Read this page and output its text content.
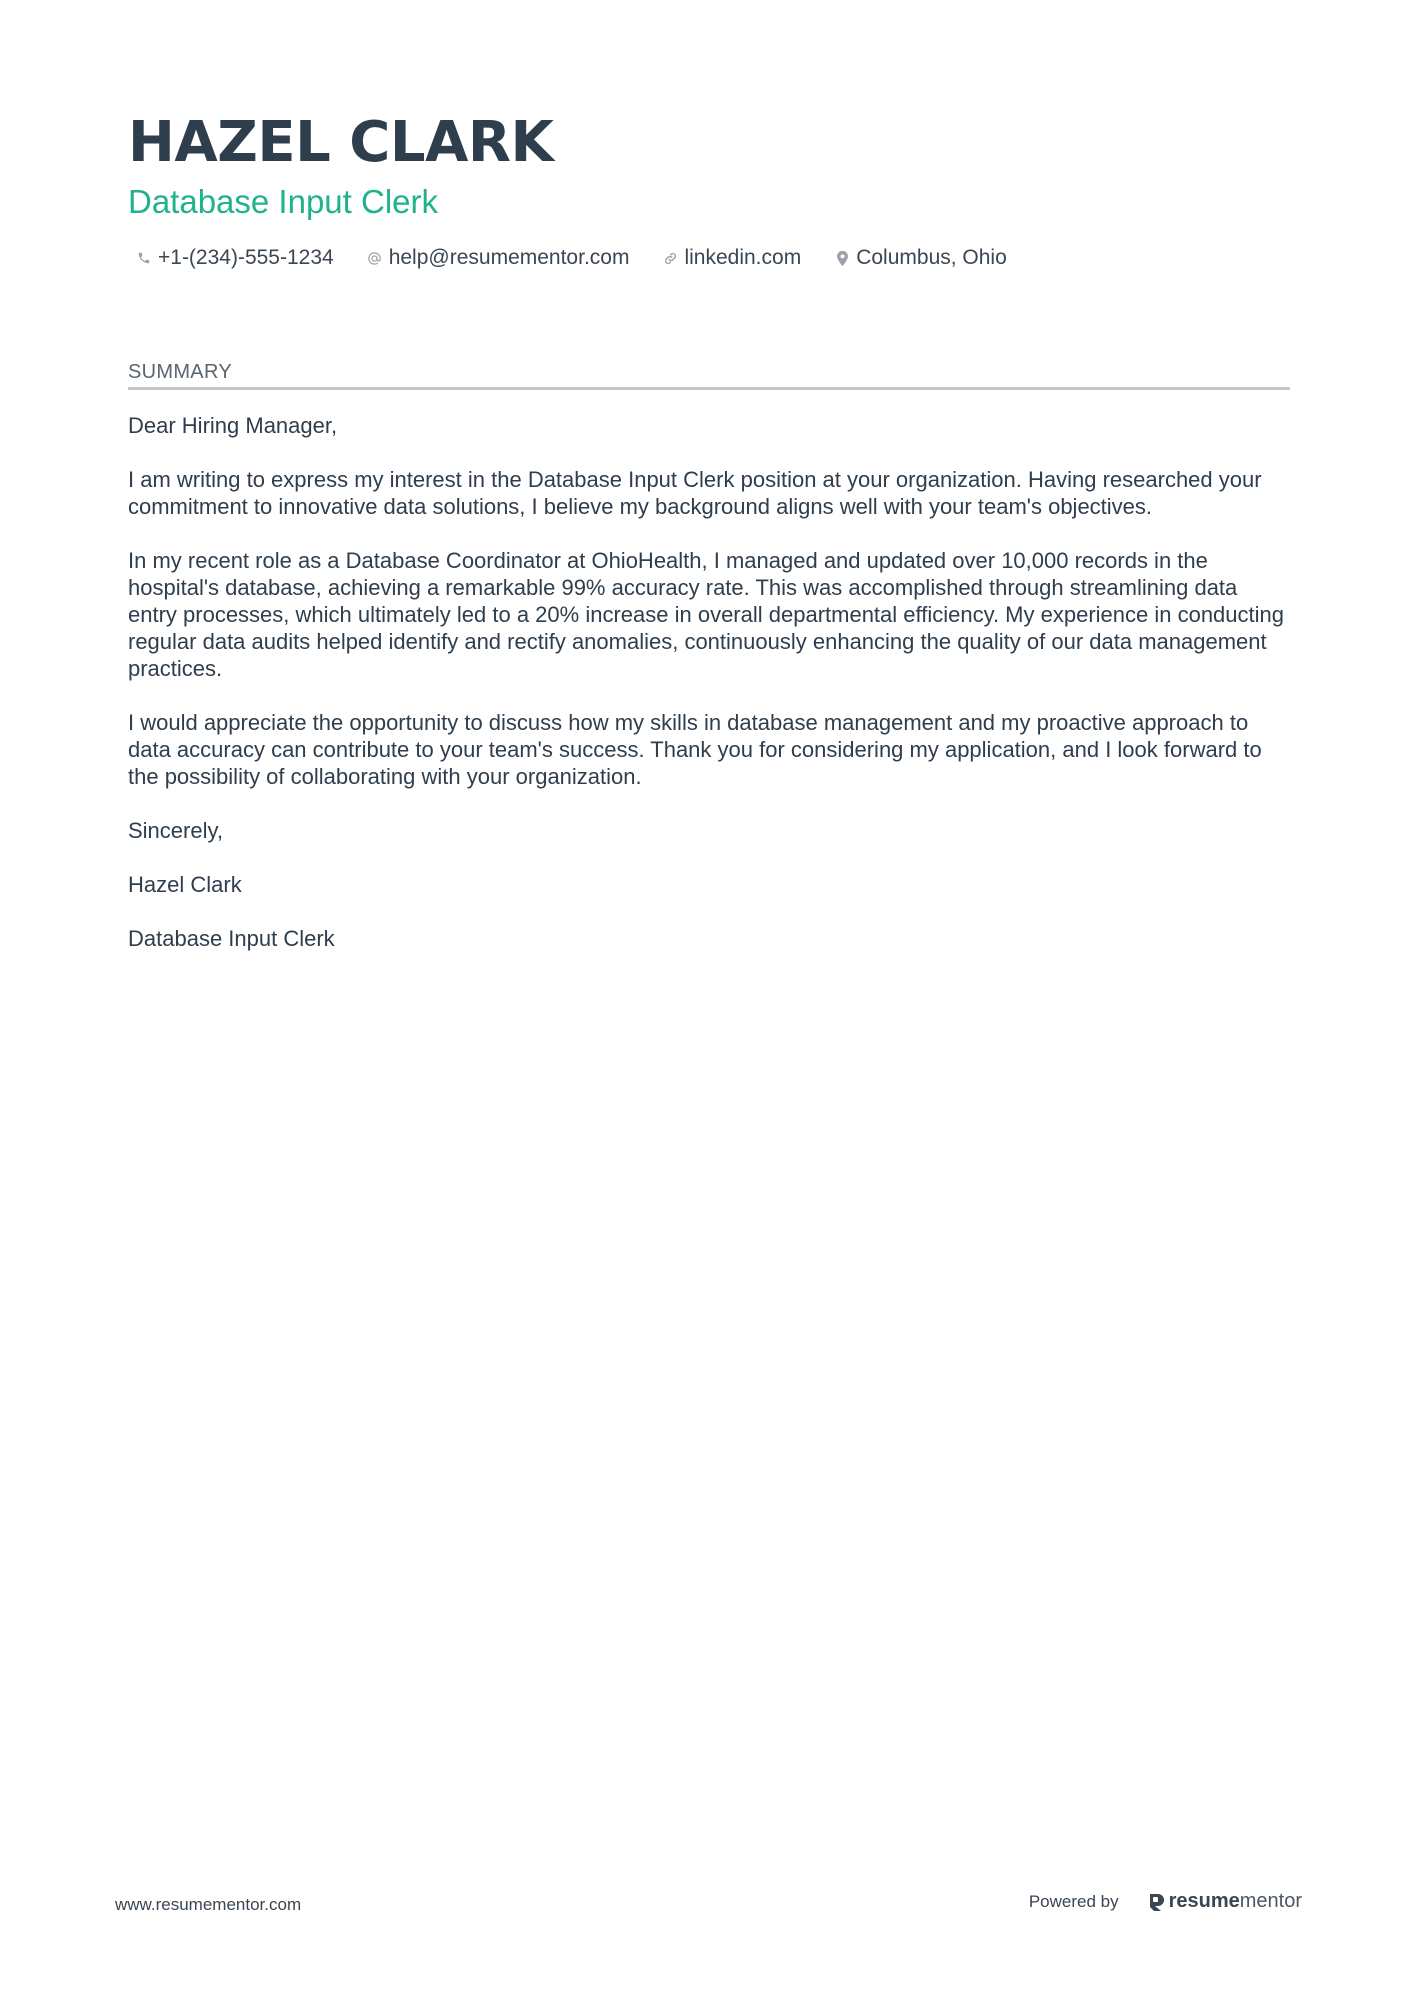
HAZEL CLARK
Database Input Clerk
+1-(234)-555-1234	help@resumementor.com	linkedin.com	Columbus, Ohio
SUMMARY

Dear Hiring Manager,

I am writing to express my interest in the Database Input Clerk position at your organization. Having researched your commitment to innovative data solutions, I believe my background aligns well with your team's objectives.

In my recent role as a Database Coordinator at OhioHealth, I managed and updated over 10,000 records in the hospital's database, achieving a remarkable 99% accuracy rate. This was accomplished through streamlining data entry processes, which ultimately led to a 20% increase in overall departmental efficiency. My experience in conducting regular data audits helped identify and rectify anomalies, continuously enhancing the quality of our data management practices.

I would appreciate the opportunity to discuss how my skills in database management and my proactive approach to data accuracy can contribute to your team's success. Thank you for considering my application, and I look forward to the possibility of collaborating with your organization.

Sincerely,

Hazel Clark

Database Input Clerk

www.resumementor.com	Powered by	resume mentor
